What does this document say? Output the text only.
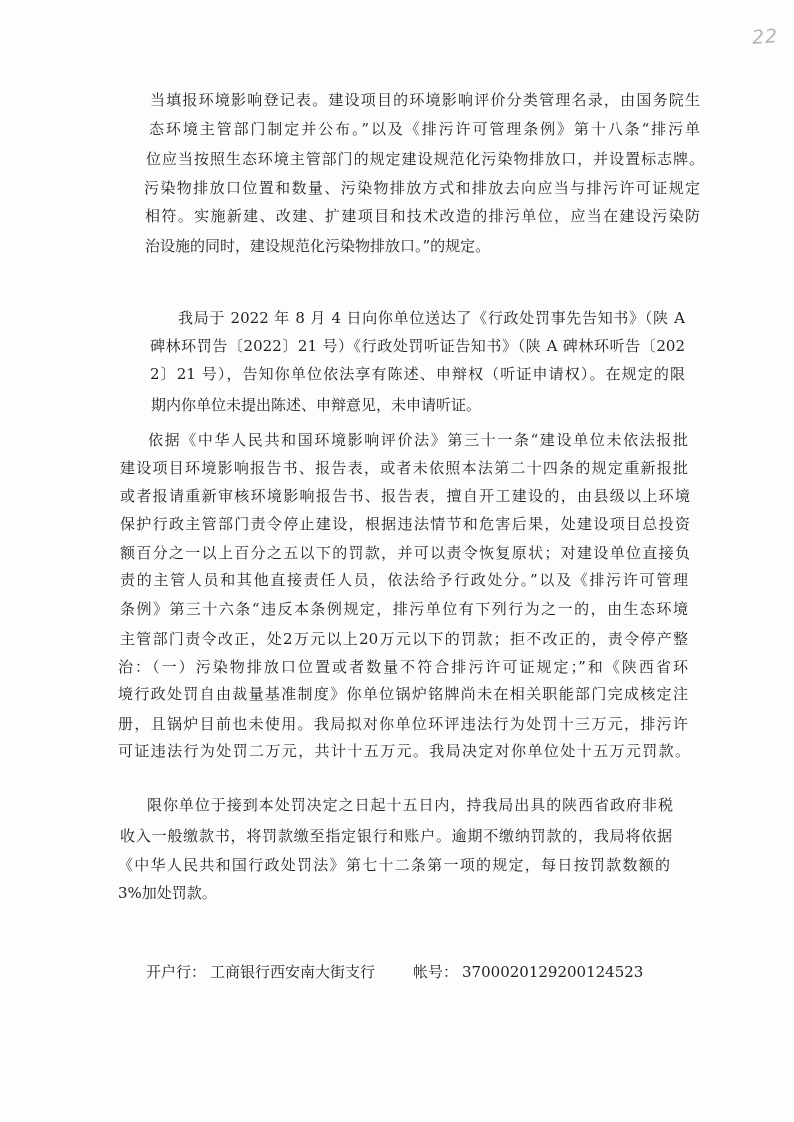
22
当填报环境影响登记表。建设项目的环境影响评价分类管理名录，由国务院生
态环境主管部门制定并公布。”以及《排污许可管理条例》第十八条“排污单
位应当按照生态环境主管部门的规定建设规范化污染物排放口，并设置标志牌。
污染物排放口位置和数量、污染物排放方式和排放去向应当与排污许可证规定
相符。实施新建、改建、扩建项目和技术改造的排污单位，应当在建设污染防
治设施的同时，建设规范化污染物排放口。”的规定。
我局于 2022 年 8 月 4 日向你单位送达了《行政处罚事先告知书》（陕 A
碑林环罚告〔2022〕21 号）《行政处罚听证告知书》（陕 A 碑林环听告〔202
2〕21 号），告知你单位依法享有陈述、申辩权（听证申请权）。在规定的限
期内你单位未提出陈述、申辩意见，未申请听证。
依据《中华人民共和国环境影响评价法》第三十一条“建设单位未依法报批
建设项目环境影响报告书、报告表，或者未依照本法第二十四条的规定重新报批
或者报请重新审核环境影响报告书、报告表，擅自开工建设的，由县级以上环境
保护行政主管部门责令停止建设，根据违法情节和危害后果，处建设项目总投资
额百分之一以上百分之五以下的罚款，并可以责令恢复原状；对建设单位直接负
责的主管人员和其他直接责任人员，依法给予行政处分。”以及《排污许可管理
条例》第三十六条“违反本条例规定，排污单位有下列行为之一的，由生态环境
主管部门责令改正，处2万元以上20万元以下的罚款；拒不改正的，责令停产整
治：（一）污染物排放口位置或者数量不符合排污许可证规定；”和《陕西省环
境行政处罚自由裁量基准制度》你单位锅炉铭牌尚未在相关职能部门完成核定注
册，且锅炉目前也未使用。我局拟对你单位环评违法行为处罚十三万元，排污许
可证违法行为处罚二万元，共计十五万元。我局决定对你单位处十五万元罚款。
限你单位于接到本处罚决定之日起十五日内，持我局出具的陕西省政府非税
收入一般缴款书，将罚款缴至指定银行和账户。逾期不缴纳罚款的，我局将依据
《中华人民共和国行政处罚法》第七十二条第一项的规定，每日按罚款数额的
3%加处罚款。
开户行： 工商银行西安南大街支行	帐号： 3700020129200124523
